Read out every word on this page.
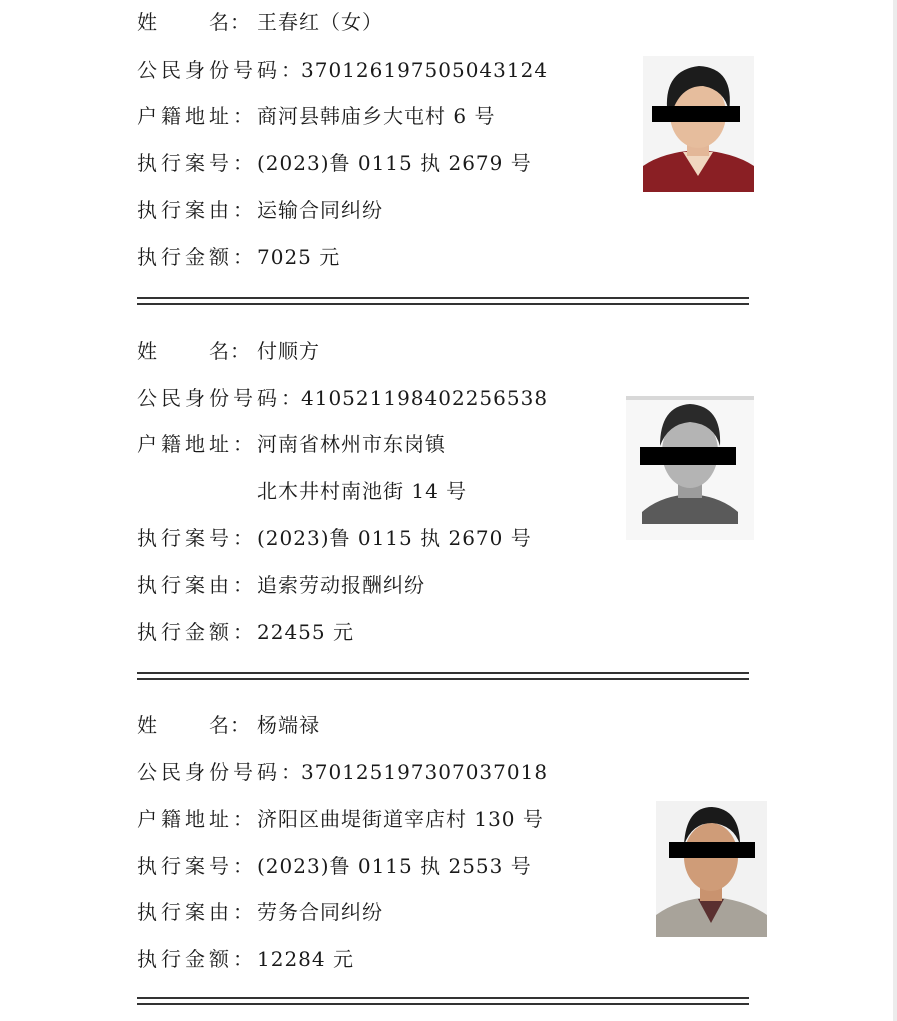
姓	名： 王春红（女）
公民身份号码：370126197505043124
户籍地址：商河县韩庙乡大屯村 6 号
执行案号：(2023)鲁 0115 执 2679 号
执行案由：运输合同纠纷
执行金额：7025 元
姓	名： 付顺方
公民身份号码：410521198402256538
户籍地址：河南省林州市东岗镇
北木井村南池街 14 号
执行案号：(2023)鲁 0115 执 2670 号
执行案由：追索劳动报酬纠纷
执行金额：22455 元
姓	名： 杨端禄
公民身份号码：370125197307037018
户籍地址：济阳区曲堤街道宰店村 130 号
执行案号：(2023)鲁 0115 执 2553 号
执行案由：劳务合同纠纷
执行金额：12284 元
